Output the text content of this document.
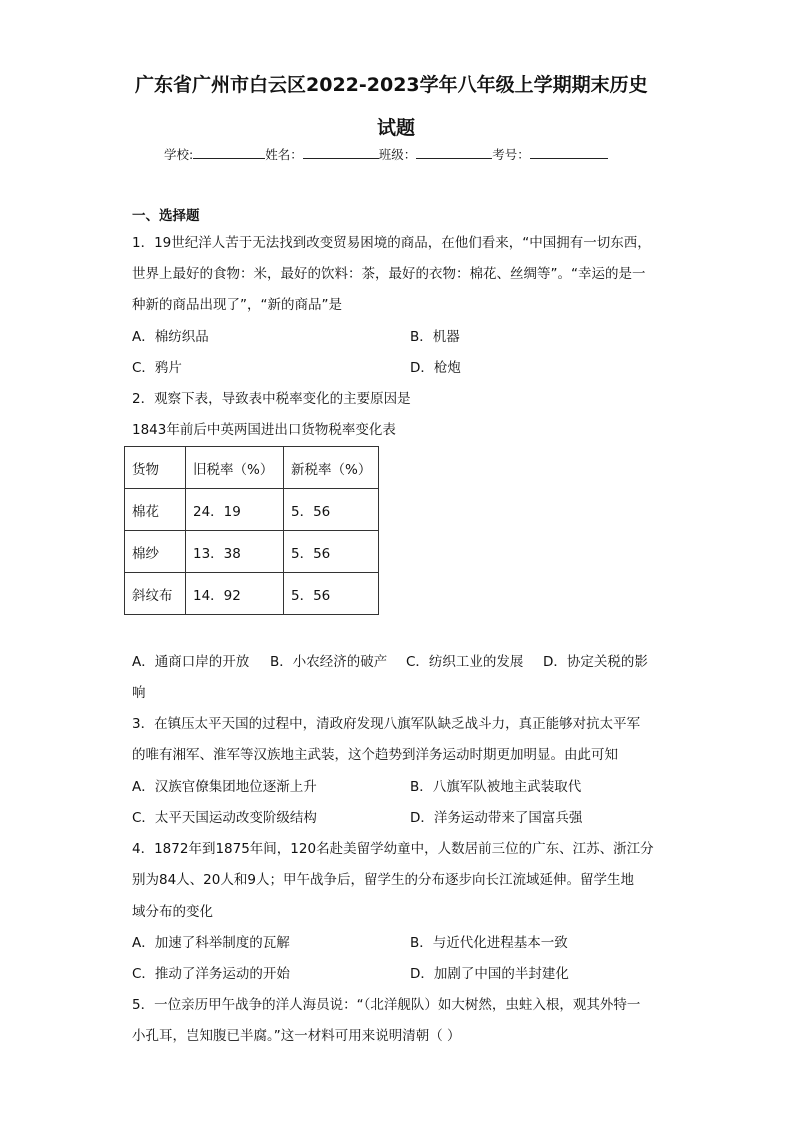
广东省广州市白云区2022-2023学年八年级上学期期末历史
试题
学校:	姓名：	班级：	考号：
一、选择题
1．19世纪洋人苦于无法找到改变贸易困境的商品，在他们看来，“中国拥有一切东西，
世界上最好的食物：米，最好的饮料：茶，最好的衣物：棉花、丝绸等”。“幸运的是一
种新的商品出现了”，“新的商品”是
A．棉纺织品	B．机器
C．鸦片	D．枪炮
2．观察下表，导致表中税率变化的主要原因是
1843年前后中英两国进出口货物税率变化表
货物	旧税率（%）	新税率（%）
棉花	24．19	5．56
棉纱	13．38	5．56
斜纹布	14．92	5．56
A．通商口岸的开放 B．小农经济的破产 C．纺织工业的发展 D．协定关税的影
响
3．在镇压太平天国的过程中，清政府发现八旗军队缺乏战斗力，真正能够对抗太平军
的唯有湘军、淮军等汉族地主武装，这个趋势到洋务运动时期更加明显。由此可知
A．汉族官僚集团地位逐渐上升	B．八旗军队被地主武装取代
C．太平天国运动改变阶级结构	D．洋务运动带来了国富兵强
4．1872年到1875年间，120名赴美留学幼童中，人数居前三位的广东、江苏、浙江分
别为84人、20人和9人；甲午战争后，留学生的分布逐步向长江流域延伸。留学生地
域分布的变化
A．加速了科举制度的瓦解	B．与近代化进程基本一致
C．推动了洋务运动的开始	D．加剧了中国的半封建化
5．一位亲历甲午战争的洋人海员说：“（北洋舰队）如大树然，虫蛀入根，观其外特一
小孔耳，岂知腹已半腐。”这一材料可用来说明清朝（ ）
